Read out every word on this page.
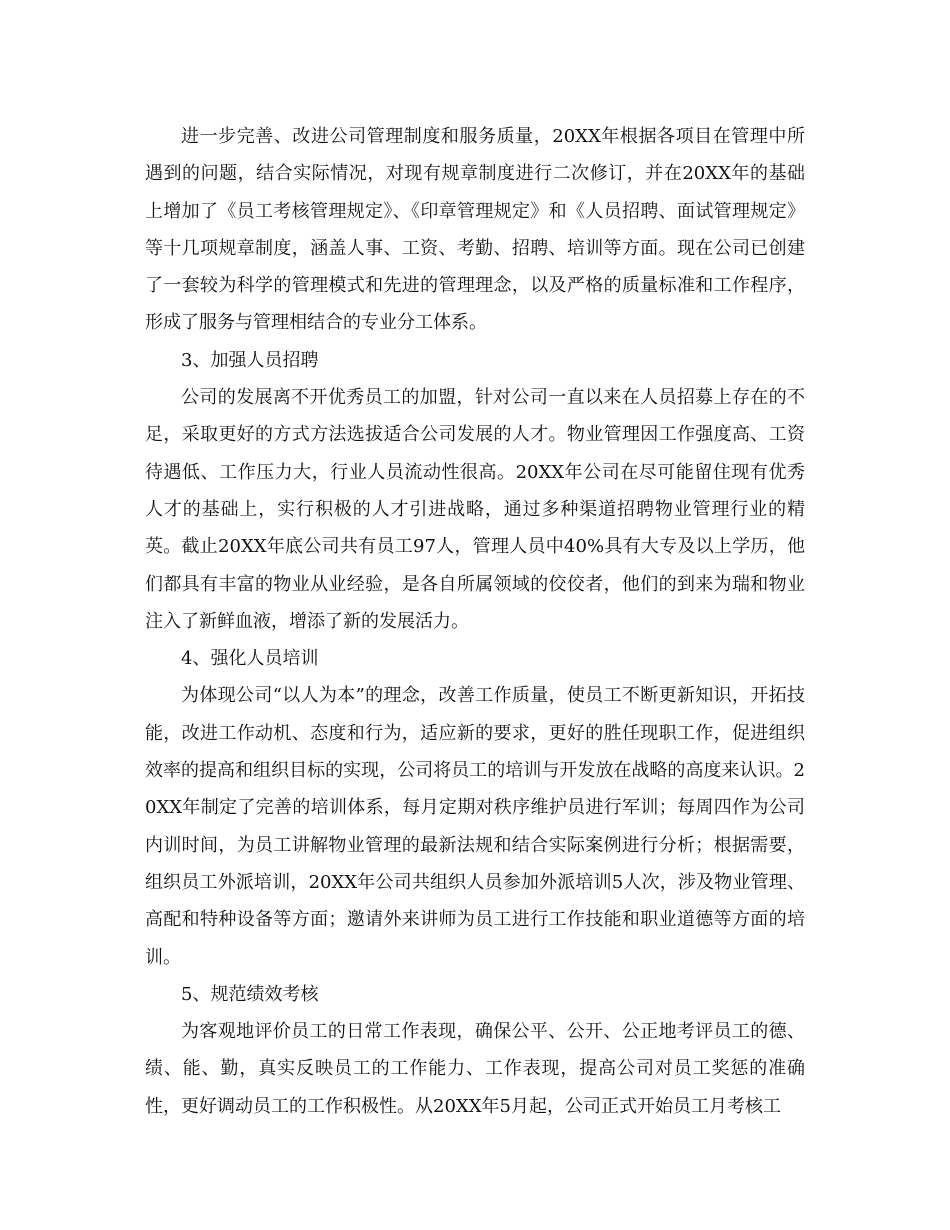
进一步完善、改进公司管理制度和服务质量，20XX年根据各项目在管理中所遇到的问题，结合实际情况，对现有规章制度进行二次修订，并在20XX年的基础上增加了《员工考核管理规定》、《印章管理规定》和《人员招聘、面试管理规定》等十几项规章制度，涵盖人事、工资、考勤、招聘、培训等方面。现在公司已创建了一套较为科学的管理模式和先进的管理理念，以及严格的质量标准和工作程序，形成了服务与管理相结合的专业分工体系。

3、加强人员招聘

公司的发展离不开优秀员工的加盟，针对公司一直以来在人员招募上存在的不足，采取更好的方式方法选拔适合公司发展的人才。物业管理因工作强度高、工资待遇低、工作压力大，行业人员流动性很高。20XX年公司在尽可能留住现有优秀人才的基础上，实行积极的人才引进战略，通过多种渠道招聘物业管理行业的精英。截止20XX年底公司共有员工97人，管理人员中40%具有大专及以上学历，他们都具有丰富的物业从业经验，是各自所属领域的佼佼者，他们的到来为瑞和物业注入了新鲜血液，增添了新的发展活力。

4、强化人员培训

为体现公司“以人为本”的理念，改善工作质量，使员工不断更新知识，开拓技能，改进工作动机、态度和行为，适应新的要求，更好的胜任现职工作，促进组织效率的提高和组织目标的实现，公司将员工的培训与开发放在战略的高度来认识。20XX年制定了完善的培训体系，每月定期对秩序维护员进行军训；每周四作为公司内训时间，为员工讲解物业管理的最新法规和结合实际案例进行分析；根据需要，组织员工外派培训，20XX年公司共组织人员参加外派培训5人次，涉及物业管理、高配和特种设备等方面；邀请外来讲师为员工进行工作技能和职业道德等方面的培训。

5、规范绩效考核

为客观地评价员工的日常工作表现，确保公平、公开、公正地考评员工的德、绩、能、勤，真实反映员工的工作能力、工作表现，提高公司对员工奖惩的准确性，更好调动员工的工作积极性。从20XX年5月起，公司正式开始员工月考核工
